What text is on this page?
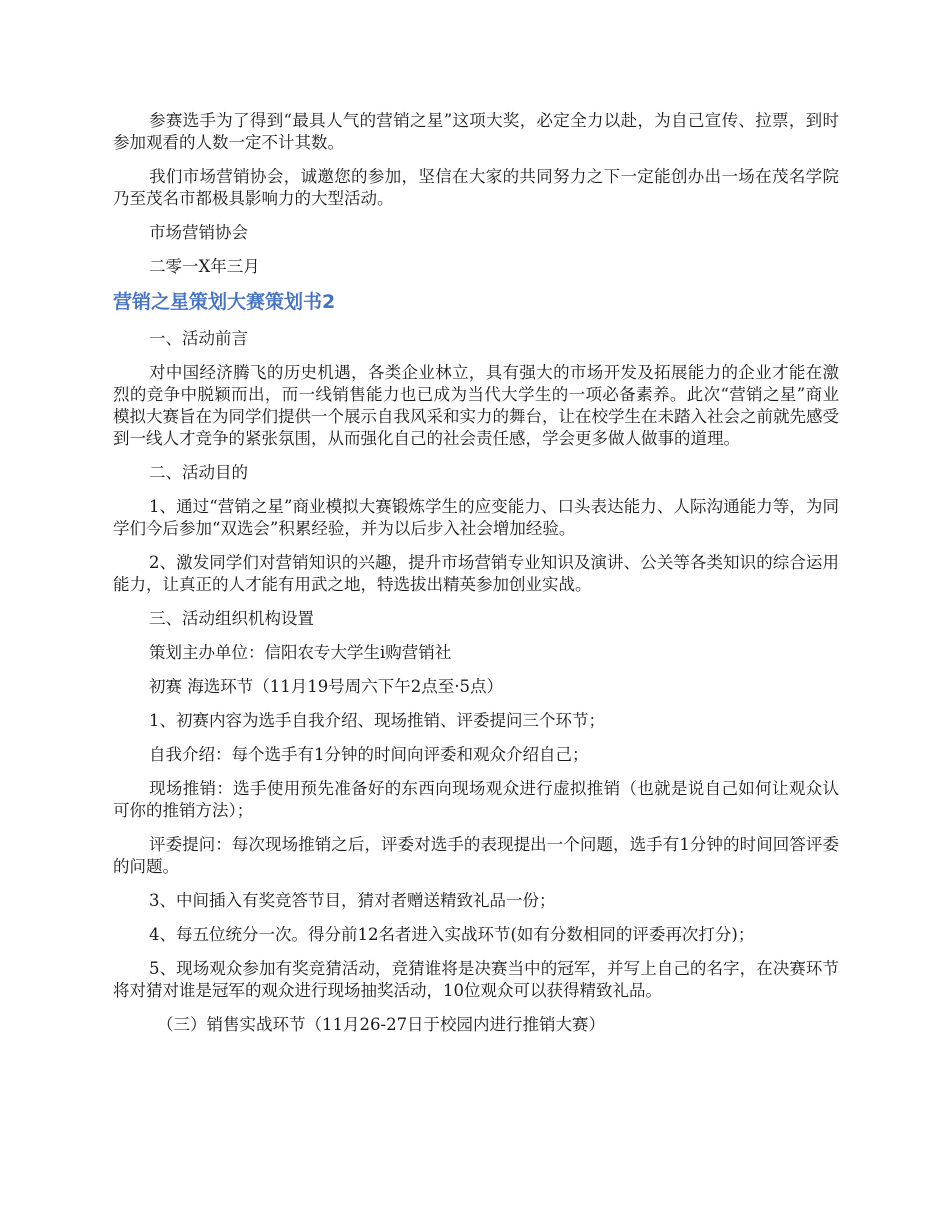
参赛选手为了得到“最具人气的营销之星”这项大奖，必定全力以赴，为自己宣传、拉票，到时参加观看的人数一定不计其数。

我们市场营销协会，诚邀您的参加，坚信在大家的共同努力之下一定能创办出一场在茂名学院乃至茂名市都极具影响力的大型活动。

市场营销协会

二零一X年三月

营销之星策划大赛策划书2

一、活动前言

对中国经济腾飞的历史机遇，各类企业林立，具有强大的市场开发及拓展能力的企业才能在激烈的竞争中脱颖而出，而一线销售能力也已成为当代大学生的一项必备素养。此次“营销之星”商业模拟大赛旨在为同学们提供一个展示自我风采和实力的舞台，让在校学生在未踏入社会之前就先感受到一线人才竞争的紧张氛围，从而强化自己的社会责任感，学会更多做人做事的道理。

二、活动目的

1、通过“营销之星”商业模拟大赛锻炼学生的应变能力、口头表达能力、人际沟通能力等，为同学们今后参加“双选会”积累经验，并为以后步入社会增加经验。

2、激发同学们对营销知识的兴趣，提升市场营销专业知识及演讲、公关等各类知识的综合运用能力，让真正的人才能有用武之地，特选拔出精英参加创业实战。

三、活动组织机构设置

策划主办单位：信阳农专大学生i购营销社

初赛 海选环节（11月19号周六下午2点至·5点）

1、初赛内容为选手自我介绍、现场推销、评委提问三个环节；

自我介绍：每个选手有1分钟的时间向评委和观众介绍自己；

现场推销：选手使用预先准备好的东西向现场观众进行虚拟推销（也就是说自己如何让观众认可你的推销方法）；

评委提问：每次现场推销之后，评委对选手的表现提出一个问题，选手有1分钟的时间回答评委的问题。

3、中间插入有奖竞答节目，猜对者赠送精致礼品一份；

4、每五位统分一次。得分前12名者进入实战环节(如有分数相同的评委再次打分)；

5、现场观众参加有奖竞猜活动，竞猜谁将是决赛当中的冠军，并写上自己的名字，在决赛环节将对猜对谁是冠军的观众进行现场抽奖活动，10位观众可以获得精致礼品。

（三）销售实战环节（11月26-27日于校园内进行推销大赛）
